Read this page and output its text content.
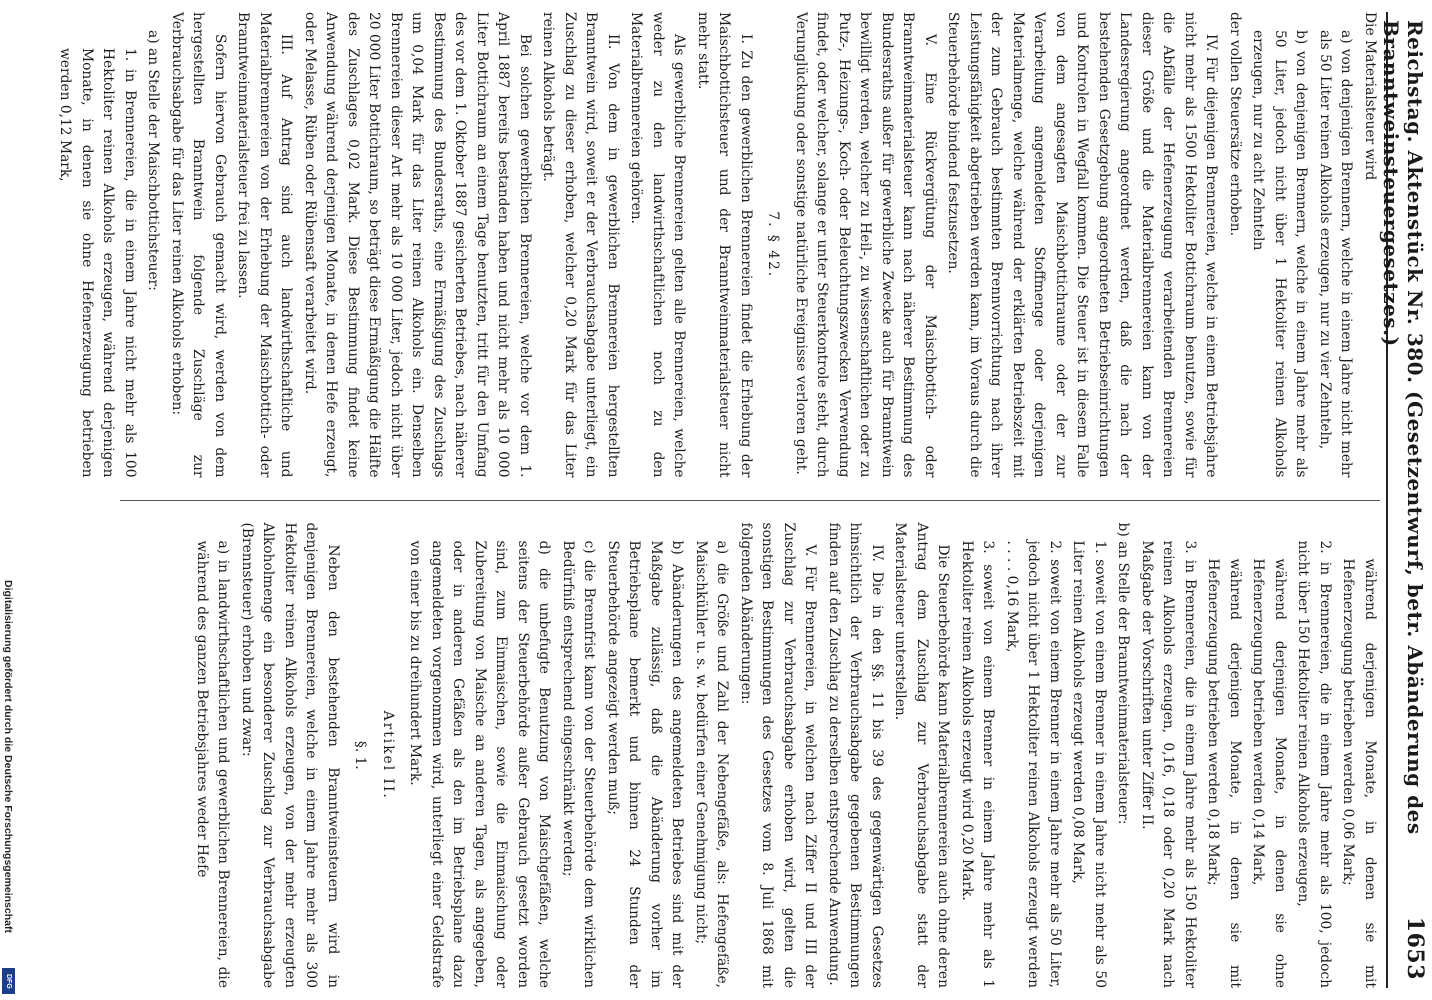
Reichstag. Aktenstück Nr. 380. (Gesetzentwurf, betr. Abänderung des Branntweinsteuergesetzes.)
1653

Die Materialsteuer wird

a) von denjenigen Brennern, welche in einem Jahre nicht mehr als 50 Liter reinen Alkohols erzeugen, nur zu vier Zehnteln,

b) von denjenigen Brennern, welche in einem Jahre mehr als 50 Liter, jedoch nicht über 1 Hektoliter reinen Alkohols erzeugen, nur zu acht Zehnteln

der vollen Steuersätze erhoben.

IV. Für diejenigen Brennereien, welche in einem Betriebsjahre nicht mehr als 1500 Hektoliter Bottichraum benutzen, sowie für die Abfälle der Hefenerzeugung verarbeitenden Brennereien dieser Größe und die Materialbrennereien kann von der Landesregierung angeordnet werden, daß die nach der bestehenden Gesetzgebung angeordneten Betriebseinrichtungen und Kontrolen in Wegfall kommen. Die Steuer ist in diesem Falle von dem angesagten Maischbottichraume oder der zur Verarbeitung angemeldeten Stoffmenge oder derjenigen Materialmenge, welche während der erklärten Betriebszeit mit der zum Gebrauch bestimmten Brennvorrichtung nach ihrer Leistungsfähigkeit abgetrieben werden kann, im Voraus durch die Steuerbehörde bindend festzusetzen.

V. Eine Rückvergütung der Maischbottich- oder Branntweinmaterialsteuer kann nach näherer Bestimmung des Bundesraths außer für gewerbliche Zwecke auch für Branntwein bewilligt werden, welcher zu Heil-, zu wissenschaftlichen oder zu Putz-, Heizungs-, Koch- oder Beleuchtungszwecken Verwendung findet, oder welcher, solange er unter Steuerkontrole steht, durch Verunglückung oder sonstige natürliche Ereignisse verloren geht.

7. § 42.

I. Zu den gewerblichen Brennereien findet die Erhebung der Maischbottichsteuer und der Branntweinmaterialsteuer nicht mehr statt.

Als gewerbliche Brennereien gelten alle Brennereien, welche weder zu den landwirthschaftlichen noch zu den Materialbrennereien gehören.

II. Von dem in gewerblichen Brennereien hergestellten Branntwein wird, soweit er der Verbrauchsabgabe unterliegt, ein Zuschlag zu dieser erhoben, welcher 0,20 Mark für das Liter reinen Alkohols beträgt.

Bei solchen gewerblichen Brennereien, welche vor dem 1. April 1887 bereits bestanden haben und nicht mehr als 10 000 Liter Bottichraum an einem Tage benutzten, tritt für den Umfang des vor dem 1. Oktober 1887 gesicherten Betriebes, nach näherer Bestimmung des Bundesraths, eine Ermäßigung des Zuschlags um 0,04 Mark für das Liter reinen Alkohols ein. Denselben Brennereien dieser Art mehr als 10 000 Liter, jedoch nicht über 20 000 Liter Bottichraum, so beträgt diese Ermäßigung die Hälfte des Zuschlages 0,02 Mark. Diese Bestimmung findet keine Anwendung während derjenigen Monate, in denen Hefe erzeugt, oder Melasse, Rüben oder Rübensaft verarbeitet wird.

III. Auf Antrag sind auch landwirthschaftliche und Materialbrennereien von der Erhebung der Maischbottich- oder Branntweinmaterialsteuer frei zu lassen.

Sofern hiervon Gebrauch gemacht wird, werden von dem hergestellten Branntwein folgende Zuschläge zur Verbrauchsabgabe für das Liter reinen Alkohols erhoben:

a) an Stelle der Maischbottichsteuer:

1. in Brennereien, die in einem Jahre nicht mehr als 100 Hektoliter reinen Alkohols erzeugen, während derjenigen Monate, in denen sie ohne Hefenerzeugung betrieben werden 0,12 Mark,

während derjenigen Monate, in denen sie mit Hefenerzeugung betrieben werden 0,06 Mark;

2. in Brennereien, die in einem Jahre mehr als 100, jedoch nicht über 150 Hektoliter reinen Alkohols erzeugen,

während derjenigen Monate, in denen sie ohne Hefenerzeugung betrieben werden 0,14 Mark,

während derjenigen Monate, in denen sie mit Hefenerzeugung betrieben werden 0,18 Mark;

3. in Brennereien, die in einem Jahre mehr als 150 Hektoliter reinen Alkohols erzeugen, 0,16, 0,18 oder 0,20 Mark nach Maßgabe der Vorschriften unter Ziffer II.

b) an Stelle der Branntweinmaterialsteuer:

1. soweit von einem Brenner in einem Jahre nicht mehr als 50 Liter reinen Alkohols erzeugt werden 0,08 Mark,

2. soweit von einem Brenner in einem Jahre mehr als 50 Liter, jedoch nicht über 1 Hektoliter reinen Alkohols erzeugt werden . . . . 0,16 Mark,

3. soweit von einem Brenner in einem Jahre mehr als 1 Hektoliter reinen Alkohols erzeugt wird 0,20 Mark.

Die Steuerbehörde kann Materialbrennereien auch ohne deren Antrag dem Zuschlag zur Verbrauchsabgabe statt der Materialsteuer unterstellen.

IV. Die in den §§. 11 bis 39 des gegenwärtigen Gesetzes hinsichtlich der Verbrauchsabgabe gegebenen Bestimmungen finden auf den Zuschlag zu derselben entsprechende Anwendung.

V. Für Brennereien, in welchen nach Ziffer II und III der Zuschlag zur Verbrauchsabgabe erhoben wird, gelten die sonstigen Bestimmungen des Gesetzes vom 8. Juli 1868 mit folgenden Abänderungen:

a) die Größe und Zahl der Nebengefäße, als: Hefengefäße, Maischkühler u. s. w. bedürfen einer Genehmigung nicht;

b) Abänderungen des angemeldeten Betriebes sind mit der Maßgabe zulässig, daß die Abänderung vorher im Betriebsplane bemerkt und binnen 24 Stunden der Steuerbehörde angezeigt werden muß;

c) die Brennfrist kann von der Steuerbehörde dem wirklichen Bedürfniß entsprechend eingeschränkt werden;

d) die unbefugte Benutzung von Maischgefäßen, welche seitens der Steuerbehörde außer Gebrauch gesetzt worden sind, zum Einmaischen, sowie die Einmaischung oder Zubereitung von Maische an anderen Tagen, als angegeben, oder in anderen Gefäßen als den im Betriebsplane dazu angemeldeten vorgenommen wird, unterliegt einer Geldstrafe von einer bis zu dreihundert Mark.

Artikel II.

§. 1.

Neben den bestehenden Branntweinsteuern wird in denjenigen Brennereien, welche in einem Jahre mehr als 300 Hektoliter reinen Alkohols erzeugen, von der mehr erzeugten Alkoholmenge ein besonderer Zuschlag zur Verbrauchsabgabe (Brennsteuer) erhoben und zwar:

a) in landwirthschaftlichen und gewerblichen Brennereien, die während des ganzen Betriebsjahres weder Hefe

Digitalisierung gefördert durch die Deutsche Forschungsgemeinschaft
DFG
